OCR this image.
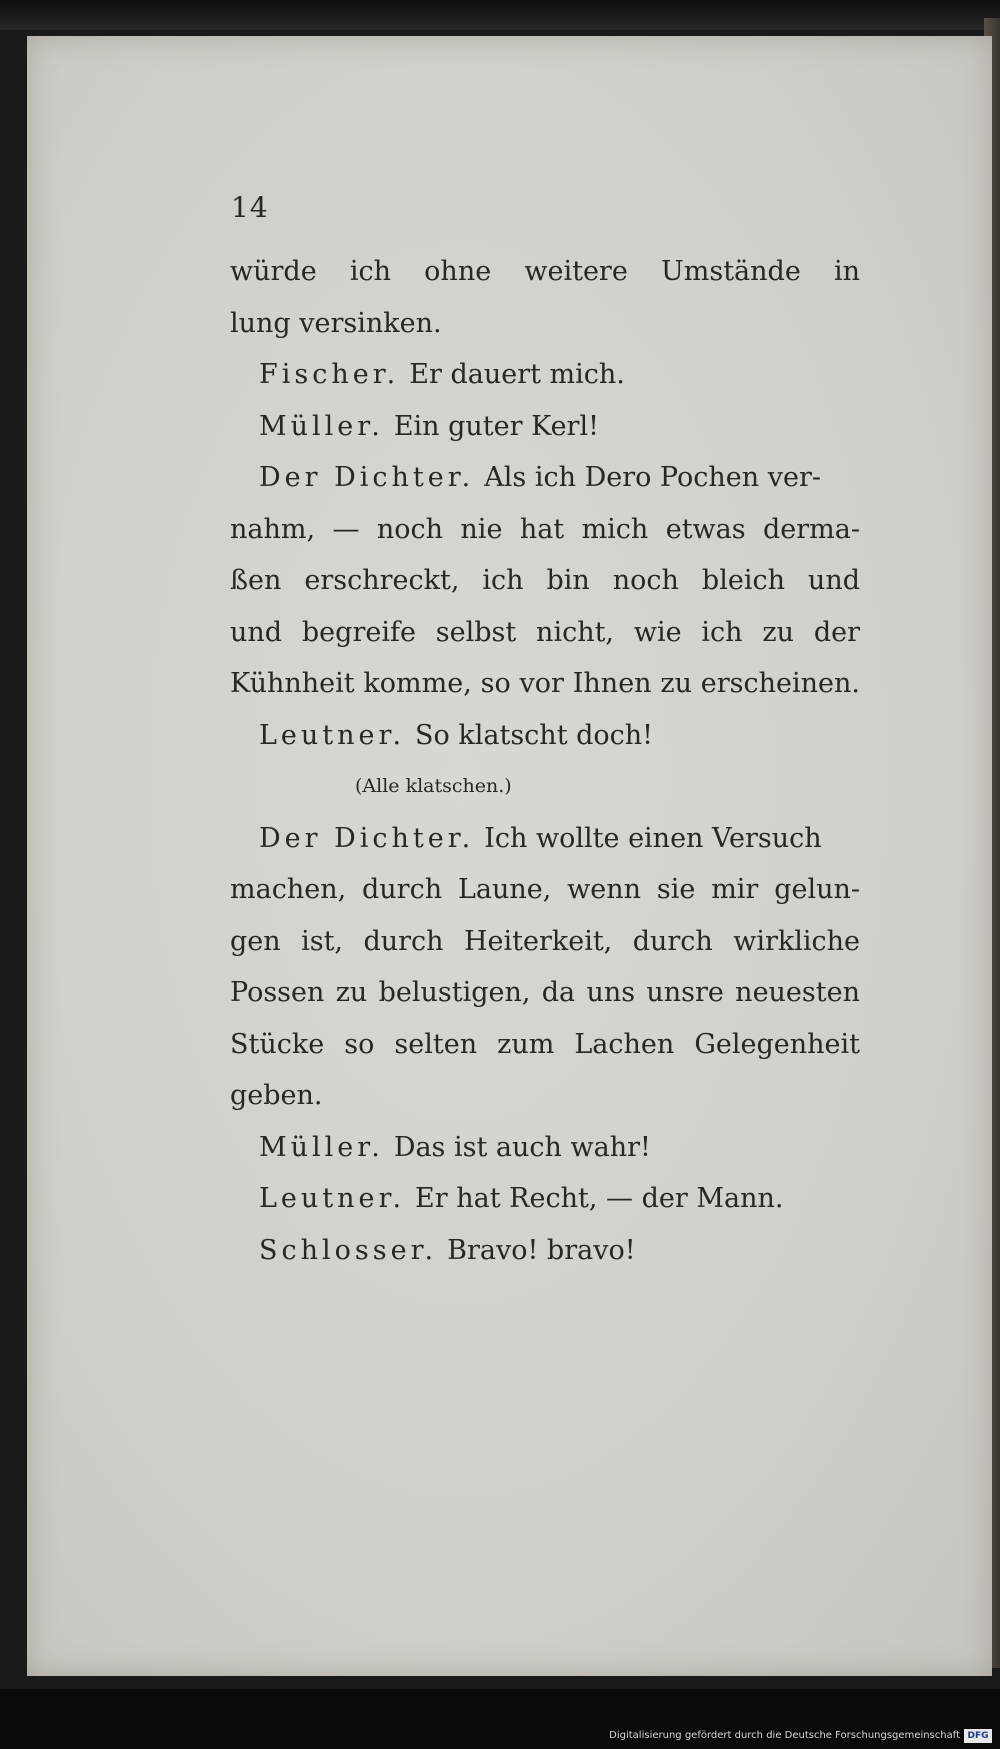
14
würde ich ohne weitere Umstände in
lung versinken.
Fischer. Er dauert mich.
Müller. Ein guter Kerl!
Der Dichter. Als ich Dero Pochen ver-
nahm, — noch nie hat mich etwas derma-
ßen erschreckt, ich bin noch bleich und
und begreife selbst nicht, wie ich zu der
Kühnheit komme, so vor Ihnen zu erscheinen.
Leutner. So klatscht doch!
(Alle klatschen.)
Der Dichter. Ich wollte einen Versuch
machen, durch Laune, wenn sie mir gelun-
gen ist, durch Heiterkeit, durch wirkliche
Possen zu belustigen, da uns unsre neuesten
Stücke so selten zum Lachen Gelegenheit
geben.
Müller. Das ist auch wahr!
Leutner. Er hat Recht, — der Mann.
Schlosser. Bravo! bravo!
Digitalisierung gefördert durch die Deutsche Forschungsgemeinschaft DFG
